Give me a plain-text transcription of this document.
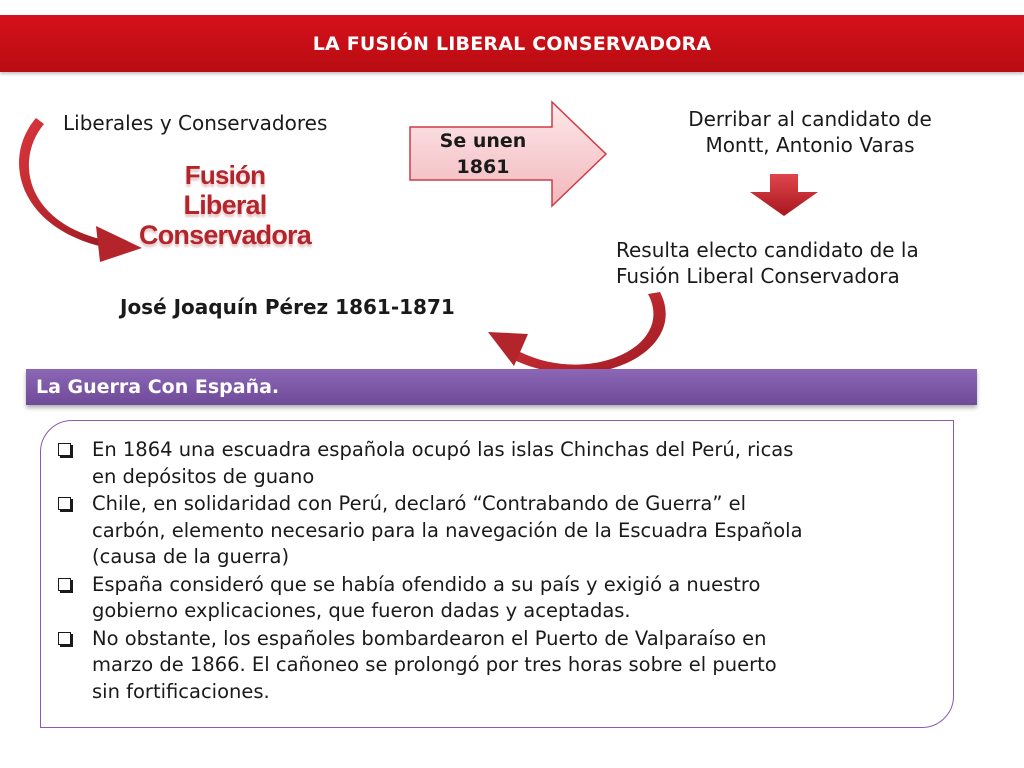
LA FUSIÓN LIBERAL CONSERVADORA
Liberales y Conservadores
Fusión
Liberal Conservadora
Se unen
1861
Derribar al candidato de
Montt, Antonio Varas
Resulta electo candidato de la
Fusión Liberal Conservadora
José Joaquín Pérez 1861-1871
La Guerra Con España.
En 1864 una escuadra española ocupó las islas Chinchas del Perú, ricas
en depósitos de guano
Chile, en solidaridad con Perú, declaró “Contrabando de Guerra” el
carbón, elemento necesario para la navegación de la Escuadra Española
(causa de la guerra)
España consideró que se había ofendido a su país y exigió a nuestro
gobierno explicaciones, que fueron dadas y aceptadas.
No obstante, los españoles bombardearon el Puerto de Valparaíso en
marzo de 1866. El cañoneo se prolongó por tres horas sobre el puerto
sin fortificaciones.
